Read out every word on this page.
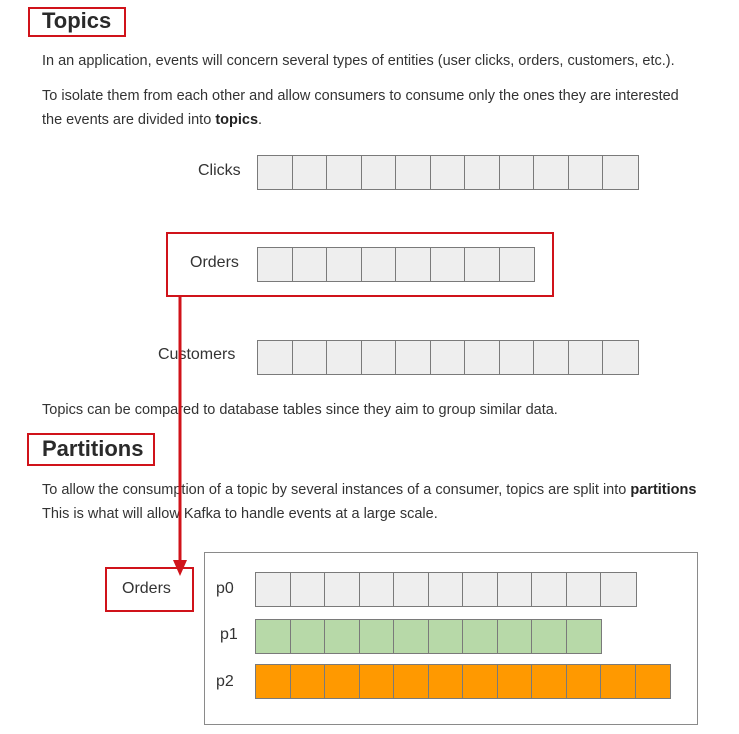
Topics
In an application, events will concern several types of entities (user clicks, orders, customers, etc.).
To isolate them from each other and allow consumers to consume only the ones they are interested
the events are divided into topics.
Clicks
Orders
Customers
Topics can be compared to database tables since they aim to group similar data.
Partitions
To allow the consumption of a topic by several instances of a consumer, topics are split into partitions
This is what will allow Kafka to handle events at a large scale.
Orders	p0
p1
p2
